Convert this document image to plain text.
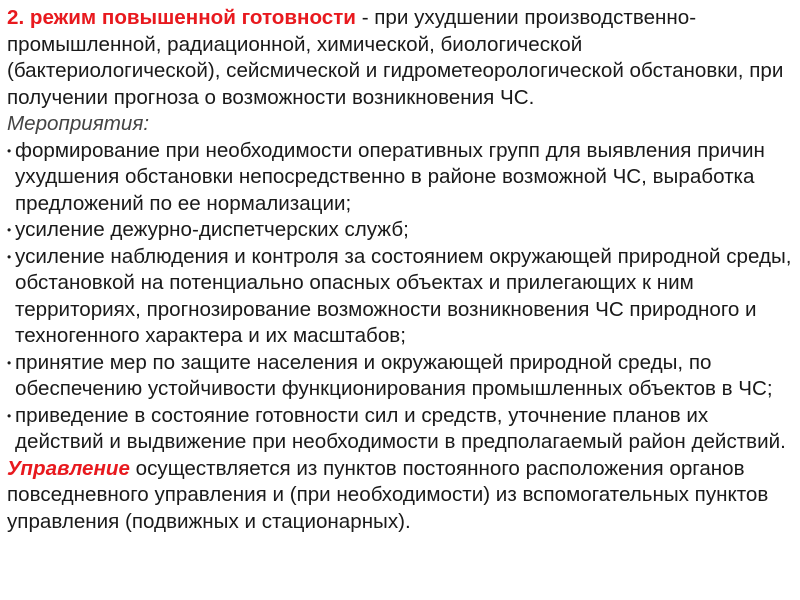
2. режим повышенной готовности - при ухудшении производственно-промышленной, радиационной, химической, биологической (бактериологической), сейсмической и гидрометеорологической обстановки, при получении прогноза о возможности возникновения ЧС.

Мероприятия:

• формирование при необходимости оперативных групп для выявления причин ухудшения обстановки непосредственно в районе возможной ЧС, выработка предложений по ее нормализации;

• усиление дежурно-диспетчерских служб;

• усиление наблюдения и контроля за состоянием окружающей природной среды, обстановкой на потенциально опасных объектах и прилегающих к ним территориях, прогнозирование возможности возникновения ЧС природного и техногенного характера и их масштабов;

• принятие мер по защите населения и окружающей природной среды, по обеспечению устойчивости функционирования промышленных объектов в ЧС;

• приведение в состояние готовности сил и средств, уточнение планов их действий и выдвижение при необходимости в предполагаемый район действий.

Управление осуществляется из пунктов постоянного расположения органов повседневного управления и (при необходимости) из вспомогательных пунктов управления (подвижных и стационарных).
